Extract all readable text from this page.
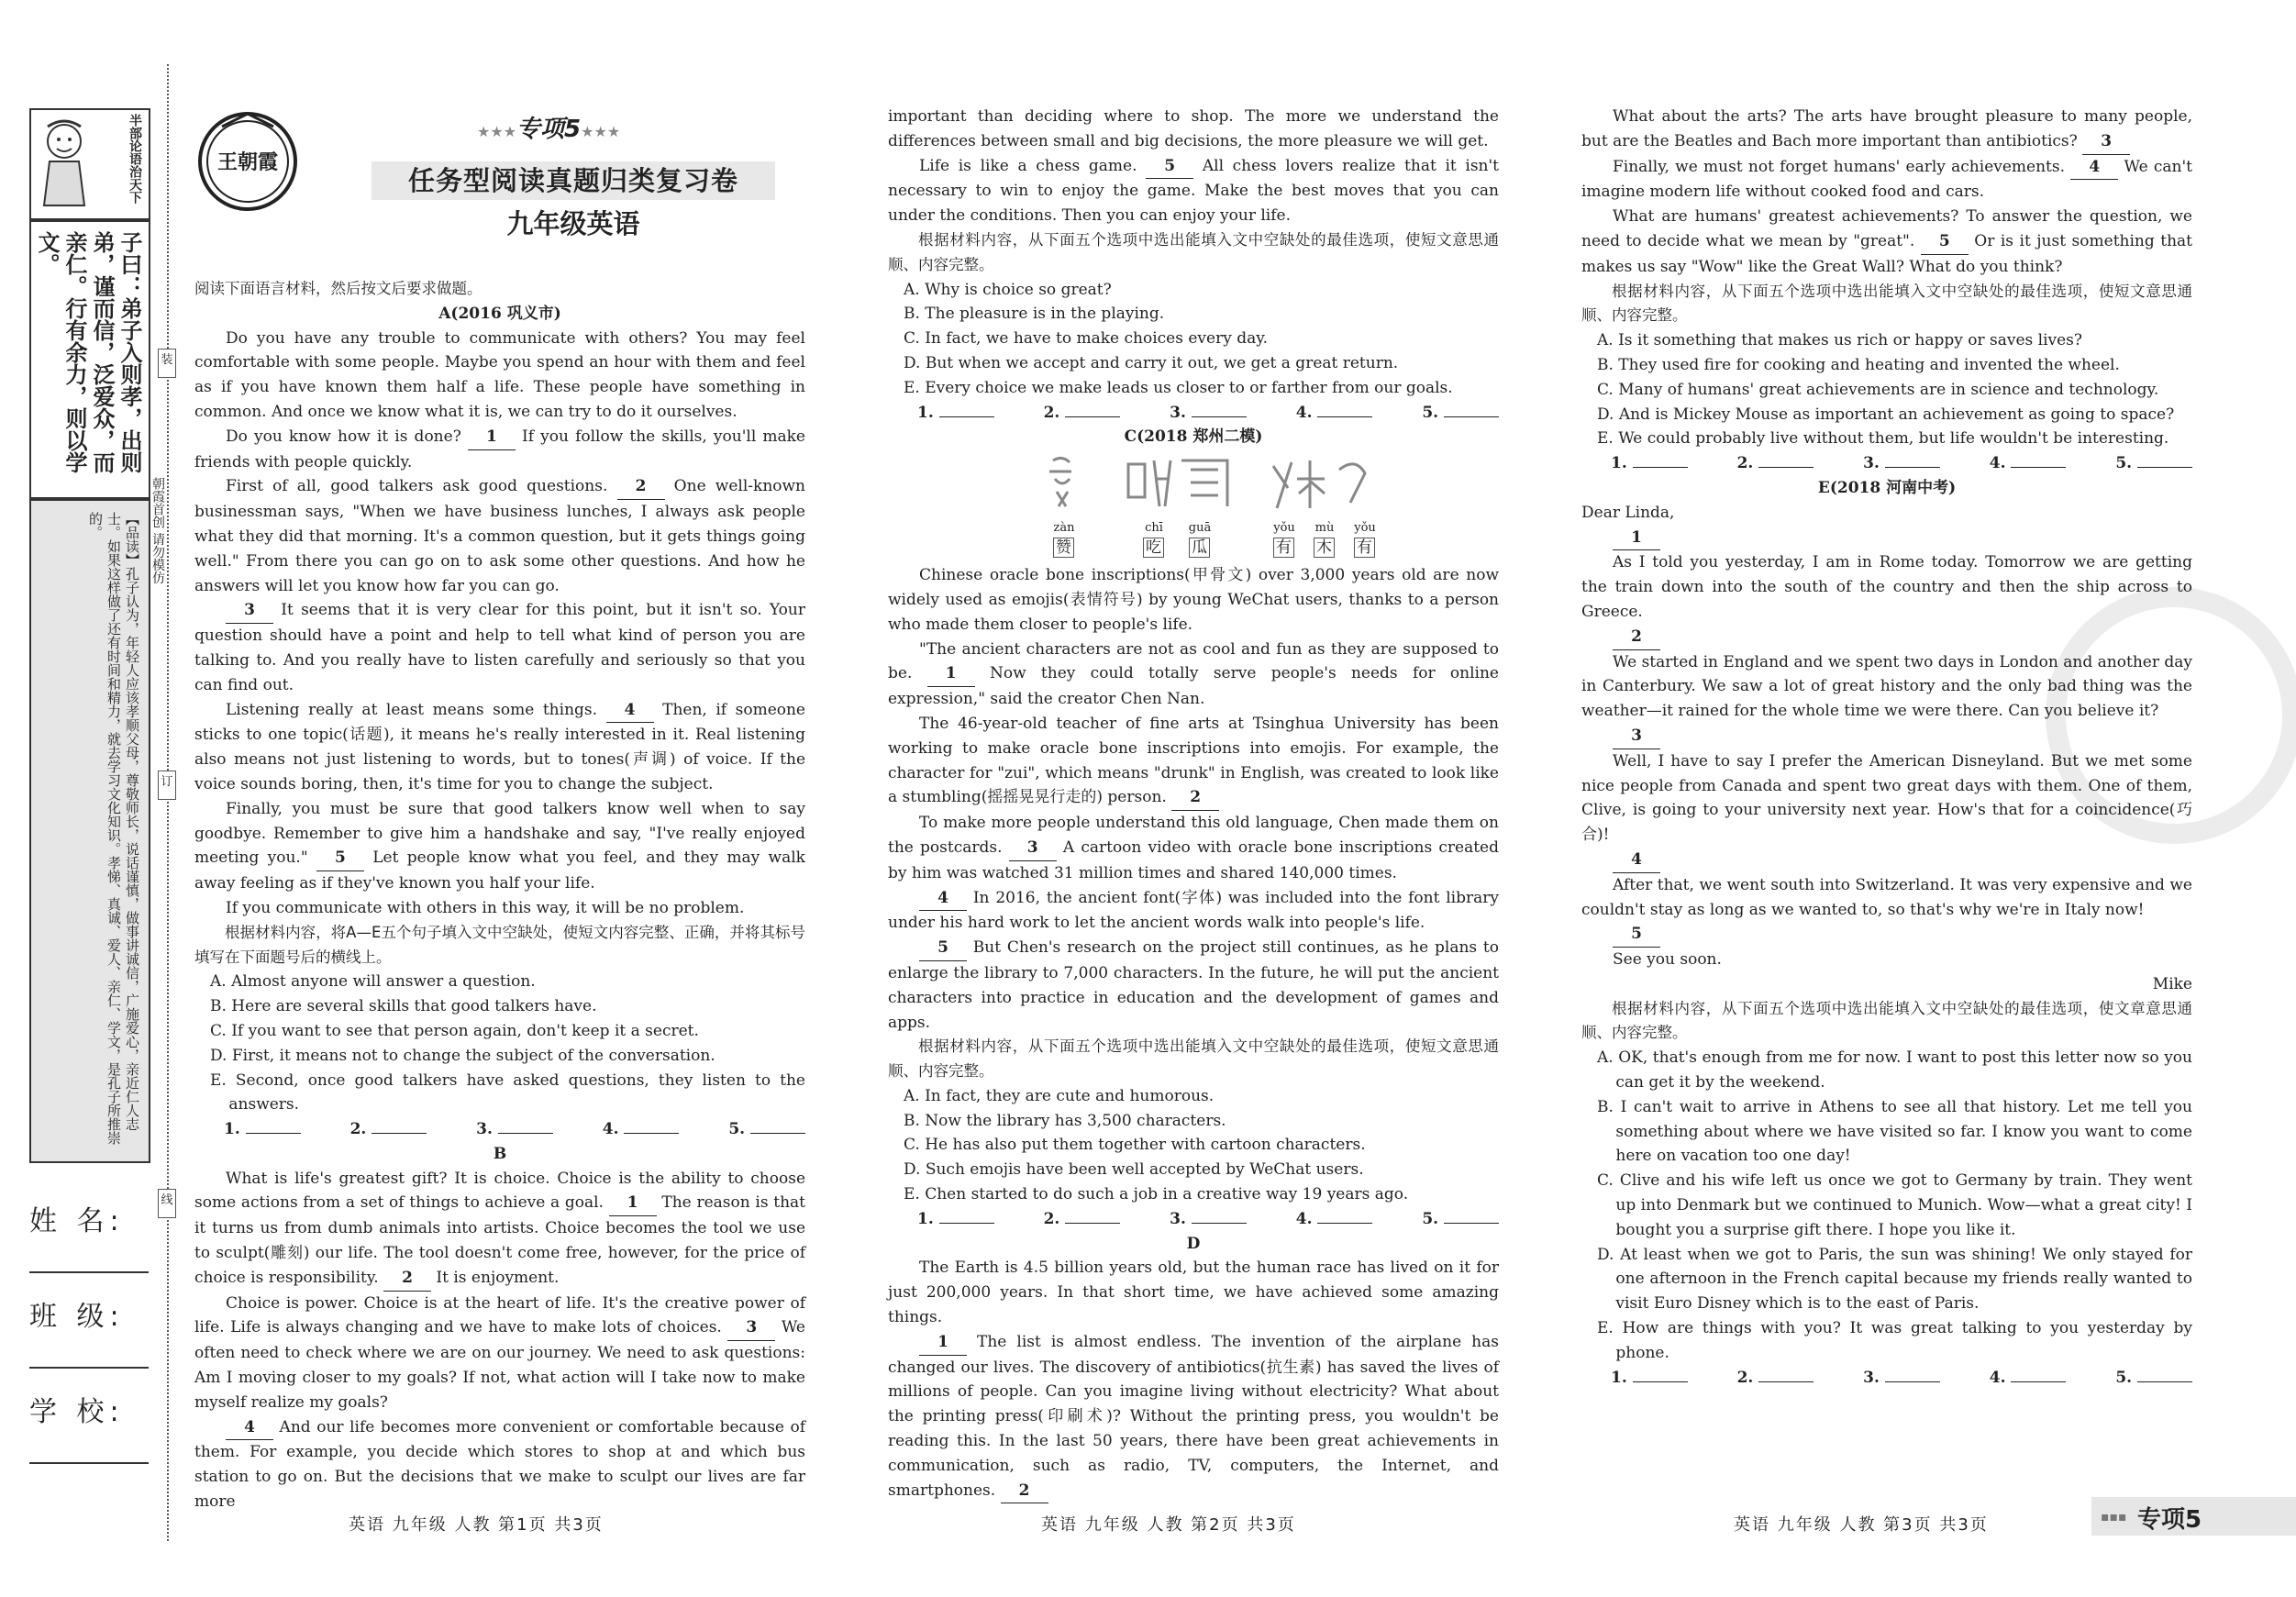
半部论语治天下
子曰：弟子入则孝，出则弟，谨而信，泛爱众，而亲仁。行有余力，则以学文。
【品读】孔子认为，年轻人应该孝顺父母，尊敬师长，说话谨慎，做事讲诚信，广施爱心，亲近仁人志士。如果这样做了还有时间和精力，就去学习文化知识。孝悌、真诚、爱人、亲仁、学文，是孔子所推崇的。
姓 名:
班 级:
学 校:
装
订
线
朝霞首创 请勿模仿
王朝霞
★★★专项5★★★
任务型阅读真题归类复习卷
九年级英语

阅读下面语言材料，然后按文后要求做题。

A(2016 巩义市)

Do you have any trouble to communicate with others? You may feel comfortable with some people. Maybe you spend an hour with them and feel as if you have known them half a life. These people have something in common. And once we know what it is, we can try to do it ourselves.

Do you know how it is done? 1 If you follow the skills, you'll make friends with people quickly.

First of all, good talkers ask good questions. 2 One well-known businessman says, "When we have business lunches, I always ask people what they did that morning. It's a common question, but it gets things going well." From there you can go on to ask some other questions. And how he answers will let you know how far you can go.

3 It seems that it is very clear for this point, but it isn't so. Your question should have a point and help to tell what kind of person you are talking to. And you really have to listen carefully and seriously so that you can find out.

Listening really at least means some things. 4 Then, if someone sticks to one topic(话题), it means he's really interested in it. Real listening also means not just listening to words, but to tones(声调) of voice. If the voice sounds boring, then, it's time for you to change the subject.

Finally, you must be sure that good talkers know well when to say goodbye. Remember to give him a handshake and say, "I've really enjoyed meeting you." 5 Let people know what you feel, and they may walk away feeling as if they've known you half your life.

If you communicate with others in this way, it will be no problem.

根据材料内容，将A—E五个句子填入文中空缺处，使短文内容完整、正确，并将其标号填写在下面题号后的横线上。

A. Almost anyone will answer a question.

B. Here are several skills that good talkers have.

C. If you want to see that person again, don't keep it a secret.

D. First, it means not to change the subject of the conversation.

E. Second, once good talkers have asked questions, they listen to the answers.

1.	2.	3.	4.	5.

B

What is life's greatest gift? It is choice. Choice is the ability to choose some actions from a set of things to achieve a goal. 1 The reason is that it turns us from dumb animals into artists. Choice becomes the tool we use to sculpt(雕刻) our life. The tool doesn't come free, however, for the price of choice is responsibility. 2 It is enjoyment.

Choice is power. Choice is at the heart of life. It's the creative power of life. Life is always changing and we have to make lots of choices. 3 We often need to check where we are on our journey. We need to ask questions: Am I moving closer to my goals? If not, what action will I take now to make myself realize my goals?

4 And our life becomes more convenient or comfortable because of them. For example, you decide which stores to shop at and which bus station to go on. But the decisions that we make to sculpt our lives are far more

important than deciding where to shop. The more we understand the differences between small and big decisions, the more pleasure we will get.

Life is like a chess game. 5 All chess lovers realize that it isn't necessary to win to enjoy the game. Make the best moves that you can under the conditions. Then you can enjoy your life.

根据材料内容，从下面五个选项中选出能填入文中空缺处的最佳选项，使短文意思通顺、内容完整。

A. Why is choice so great?

B. The pleasure is in the playing.

C. In fact, we have to make choices every day.

D. But when we accept and carry it out, we get a great return.

E. Every choice we make leads us closer to or farther from our goals.

1.	2.	3.	4.	5.

C(2018 郑州二模)

zàn	chī	guā	yǒu	mù	yǒu
赞	吃 瓜	有 木 有

Chinese oracle bone inscriptions(甲骨文) over 3,000 years old are now widely used as emojis(表情符号) by young WeChat users, thanks to a person who made them closer to people's life.

"The ancient characters are not as cool and fun as they are supposed to be. 1 Now they could totally serve people's needs for online expression," said the creator Chen Nan.

The 46-year-old teacher of fine arts at Tsinghua University has been working to make oracle bone inscriptions into emojis. For example, the character for "zui", which means "drunk" in English, was created to look like a stumbling(摇摇晃晃行走的) person. 2

To make more people understand this old language, Chen made them on the postcards. 3 A cartoon video with oracle bone inscriptions created by him was watched 31 million times and shared 140,000 times.

4 In 2016, the ancient font(字体) was included into the font library under his hard work to let the ancient words walk into people's life.

5 But Chen's research on the project still continues, as he plans to enlarge the library to 7,000 characters. In the future, he will put the ancient characters into practice in education and the development of games and apps.

根据材料内容，从下面五个选项中选出能填入文中空缺处的最佳选项，使短文意思通顺、内容完整。

A. In fact, they are cute and humorous.

B. Now the library has 3,500 characters.

C. He has also put them together with cartoon characters.

D. Such emojis have been well accepted by WeChat users.

E. Chen started to do such a job in a creative way 19 years ago.

1.	2.	3.	4.	5.

D

The Earth is 4.5 billion years old, but the human race has lived on it for just 200,000 years. In that short time, we have achieved some amazing things.

1 The list is almost endless. The invention of the airplane has changed our lives. The discovery of antibiotics(抗生素) has saved the lives of millions of people. Can you imagine living without electricity? What about the printing press(印刷术)? Without the printing press, you wouldn't be reading this. In the last 50 years, there have been great achievements in communication, such as radio, TV, computers, the Internet, and smartphones. 2

What about the arts? The arts have brought pleasure to many people, but are the Beatles and Bach more important than antibiotics? 3

Finally, we must not forget humans' early achievements. 4 We can't imagine modern life without cooked food and cars.

What are humans' greatest achievements? To answer the question, we need to decide what we mean by "great". 5 Or is it just something that makes us say "Wow" like the Great Wall? What do you think?

根据材料内容，从下面五个选项中选出能填入文中空缺处的最佳选项，使短文意思通顺、内容完整。

A. Is it something that makes us rich or happy or saves lives?

B. They used fire for cooking and heating and invented the wheel.

C. Many of humans' great achievements are in science and technology.

D. And is Mickey Mouse as important an achievement as going to space?

E. We could probably live without them, but life wouldn't be interesting.

1.	2.	3.	4.	5.

E(2018 河南中考)

Dear Linda,

1

As I told you yesterday, I am in Rome today. Tomorrow we are getting the train down into the south of the country and then the ship across to Greece.

2

We started in England and we spent two days in London and another day in Canterbury. We saw a lot of great history and the only bad thing was the weather—it rained for the whole time we were there. Can you believe it?

3

Well, I have to say I prefer the American Disneyland. But we met some nice people from Canada and spent two great days with them. One of them, Clive, is going to your university next year. How's that for a coincidence(巧合)!

4

After that, we went south into Switzerland. It was very expensive and we couldn't stay as long as we wanted to, so that's why we're in Italy now!

5

See you soon.

Mike

根据材料内容，从下面五个选项中选出能填入文中空缺处的最佳选项，使文章意思通顺、内容完整。

A. OK, that's enough from me for now. I want to post this letter now so you can get it by the weekend.

B. I can't wait to arrive in Athens to see all that history. Let me tell you something about where we have visited so far. I know you want to come here on vacation too one day!

C. Clive and his wife left us once we got to Germany by train. They went up into Denmark but we continued to Munich. Wow—what a great city! I bought you a surprise gift there. I hope you like it.

D. At least when we got to Paris, the sun was shining! We only stayed for one afternoon in the French capital because my friends really wanted to visit Euro Disney which is to the east of Paris.

E. How are things with you? It was great talking to you yesterday by phone.

1.	2.	3.	4.	5.
英语 九年级 人教 第1页 共3页	英语 九年级 人教 第2页 共3页	英语 九年级 人教 第3页 共3页	▪▪▪ 专项5
